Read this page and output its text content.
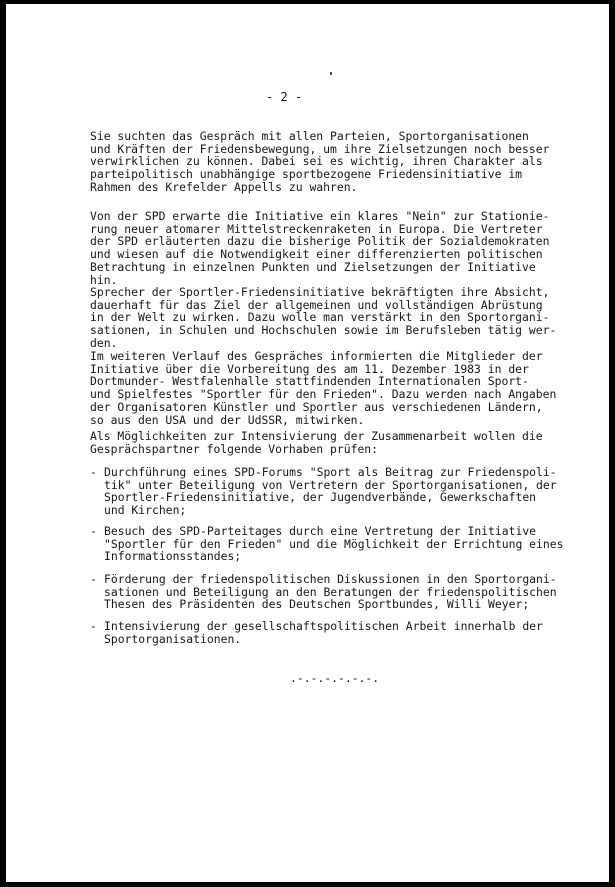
- 2 -
Sie suchten das Gespräch mit allen Parteien, Sportorganisationen
und Kräften der Friedensbewegung, um ihre Zielsetzungen noch besser
verwirklichen zu können. Dabei sei es wichtig, ihren Charakter als
parteipolitisch unabhängige sportbezogene Friedensinitiative im
Rahmen des Krefelder Appells zu wahren.
Von der SPD erwarte die Initiative ein klares "Nein" zur Stationie-
rung neuer atomarer Mittelstreckenraketen in Europa. Die Vertreter
der SPD erläuterten dazu die bisherige Politik der Sozialdemokraten
und wiesen auf die Notwendigkeit einer differenzierten politischen
Betrachtung in einzelnen Punkten und Zielsetzungen der Initiative
hin.
Sprecher der Sportler-Friedensinitiative bekräftigten ihre Absicht,
dauerhaft für das Ziel der allgemeinen und vollständigen Abrüstung
in der Welt zu wirken. Dazu wolle man verstärkt in den Sportorgani-
sationen, in Schulen und Hochschulen sowie im Berufsleben tätig wer-
den.
Im weiteren Verlauf des Gespräches informierten die Mitglieder der
Initiative über die Vorbereitung des am 11. Dezember 1983 in der
Dortmunder- Westfalenhalle stattfindenden Internationalen Sport-
und Spielfestes "Sportler für den Frieden". Dazu werden nach Angaben
der Organisatoren Künstler und Sportler aus verschiedenen Ländern,
so aus den USA und der UdSSR, mitwirken.
Als Möglichkeiten zur Intensivierung der Zusammenarbeit wollen die
Gesprächspartner folgende Vorhaben prüfen:
- Durchführung eines SPD-Forums "Sport als Beitrag zur Friedenspoli-
tik" unter Beteiligung von Vertretern der Sportorganisationen, der
Sportler-Friedensinitiative, der Jugendverbände, Gewerkschaften
und Kirchen;
- Besuch des SPD-Parteitages durch eine Vertretung der Initiative
"Sportler für den Frieden" und die Möglichkeit der Errichtung eines
Informationsstandes;
- Förderung der friedenspolitischen Diskussionen in den Sportorgani-
sationen und Beteiligung an den Beratungen der friedenspolitischen
Thesen des Präsidenten des Deutschen Sportbundes, Willi Weyer;
- Intensivierung der gesellschaftspolitischen Arbeit innerhalb der
Sportorganisationen.
.-.-.-.-.-.-.
